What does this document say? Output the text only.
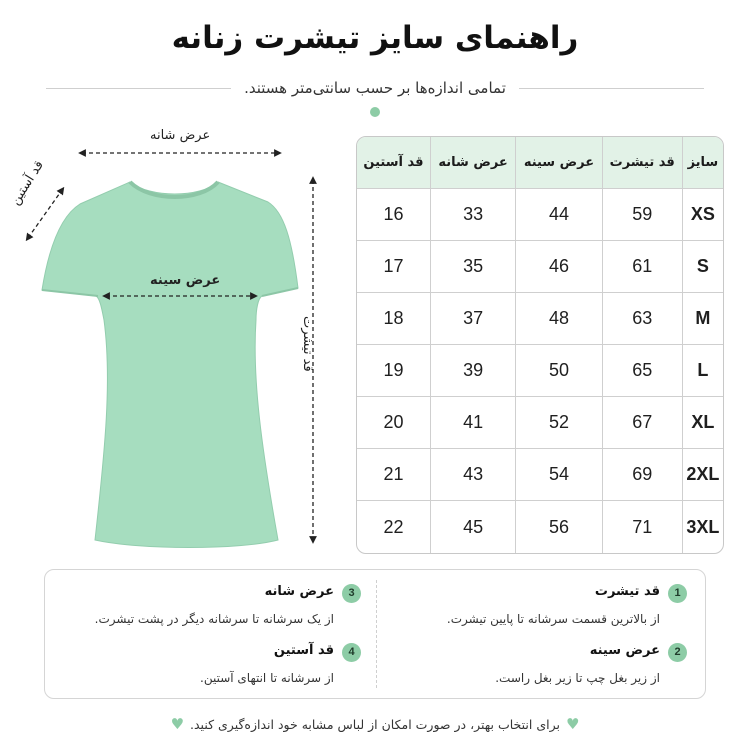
راهنمای سایز تیشرت زنانه
تمامی اندازه‌ها بر حسب سانتی‌متر هستند.
عرض شانه
عرض سینه
قد آستین
قد تیشرت
سایز	قد تیشرت	عرض سینه	عرض شانه	قد آستین
XS	59	44	33	16
S	61	46	35	17
M	63	48	37	18
L	65	50	39	19
XL	67	52	41	20
2XL	69	54	43	21
3XL	71	56	45	22
1
قد تیشرت
از بالاترین قسمت سرشانه تا پایین تیشرت.
2
عرض سینه
از زیر بغل چپ تا زیر بغل راست.
3
عرض شانه
از یک سرشانه تا سرشانه دیگر در پشت تیشرت.
4
قد آستین
از سرشانه تا انتهای آستین.
♥برای انتخاب بهتر، در صورت امکان از لباس مشابه خود اندازه‌گیری کنید.♥
